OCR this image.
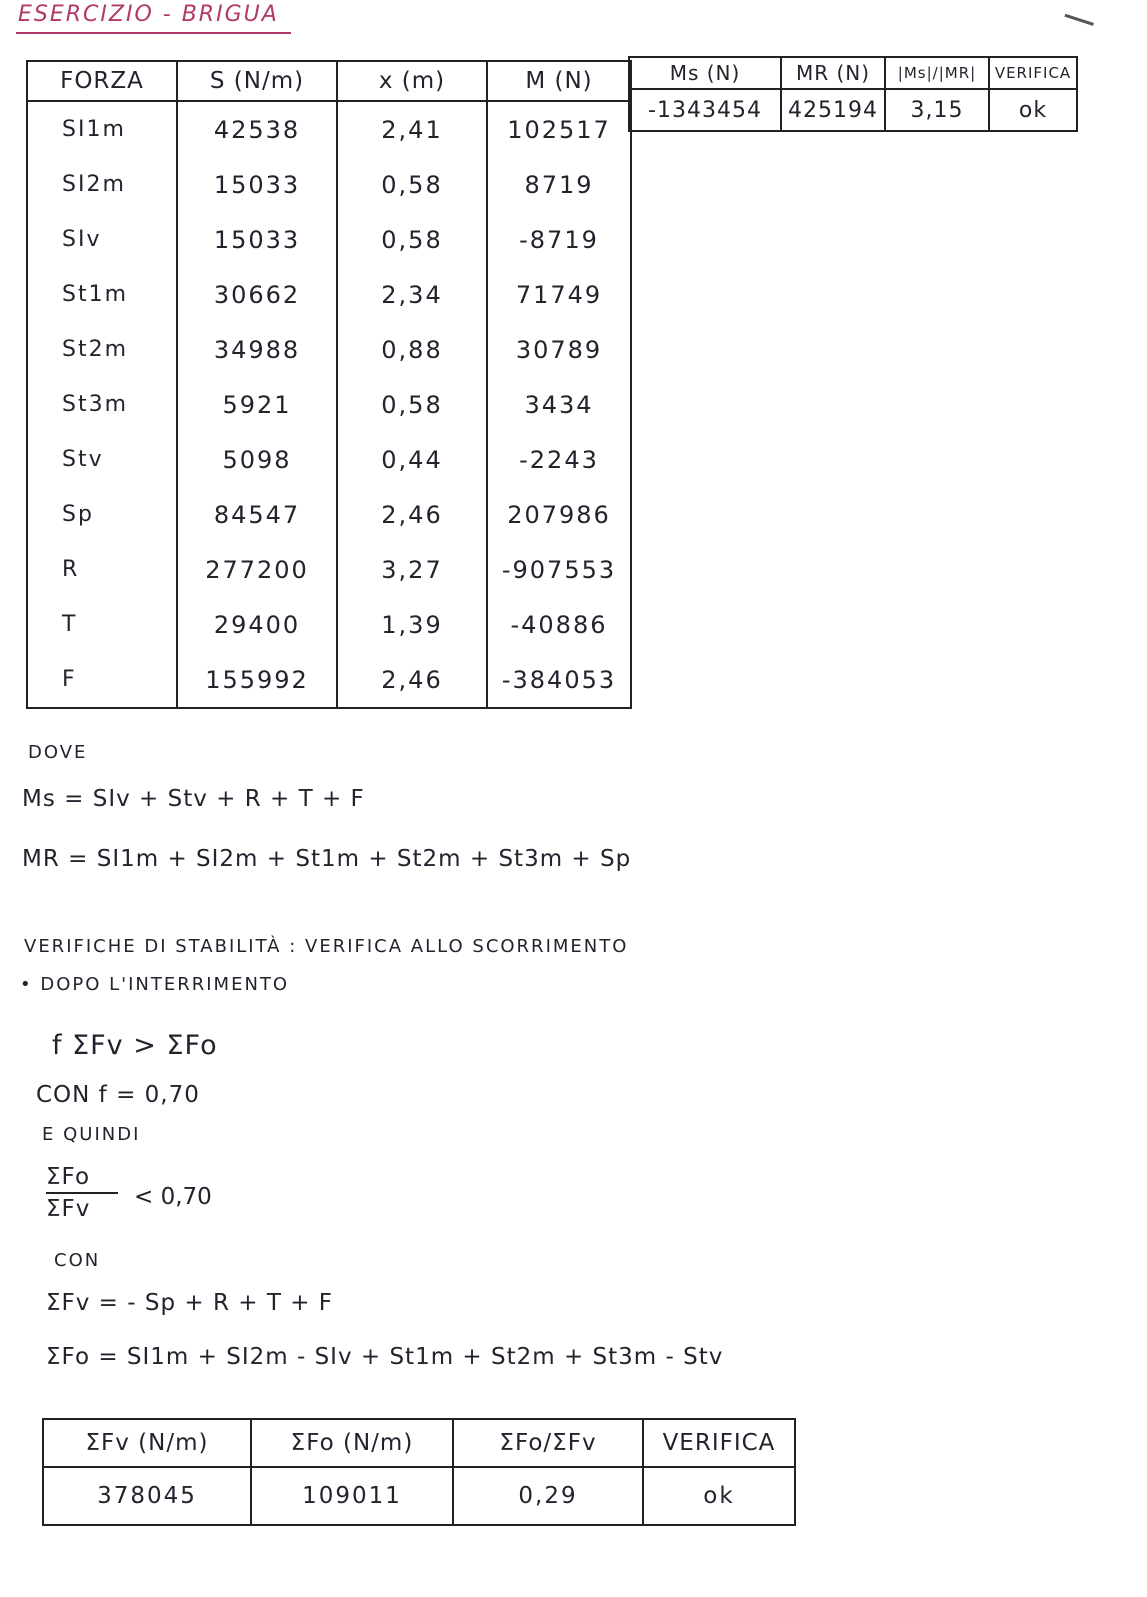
ESERCIZIO - BRIGUA
FORZA	S (N/m)	x (m)	M (N)
SI1m	42538	2,41	102517
SI2m	15033	0,58	8719
SIv	15033	0,58	-8719
St1m	30662	2,34	71749
St2m	34988	0,88	30789
St3m	5921	0,58	3434
Stv	5098	0,44	-2243
Sp	84547	2,46	207986
R	277200	3,27	-907553
T	29400	1,39	-40886
F	155992	2,46	-384053
Ms (N)	MR (N)	|Ms|/|MR|	VERIFICA
-1343454	425194	3,15	ok
DOVE
Ms = SIv + Stv + R + T + F
MR = SI1m + SI2m + St1m + St2m + St3m + Sp
VERIFICHE DI STABILITÀ : VERIFICA ALLO SCORRIMENTO
• DOPO L'INTERRIMENTO
f ΣFv > ΣFo
CON f = 0,70
E QUINDI
ΣFo
ΣFv	< 0,70
CON
ΣFv = - Sp + R + T + F
ΣFo = SI1m + SI2m - SIv + St1m + St2m + St3m - Stv
ΣFv (N/m)	ΣFo (N/m)	ΣFo/ΣFv	VERIFICA
378045	109011	0,29	ok
